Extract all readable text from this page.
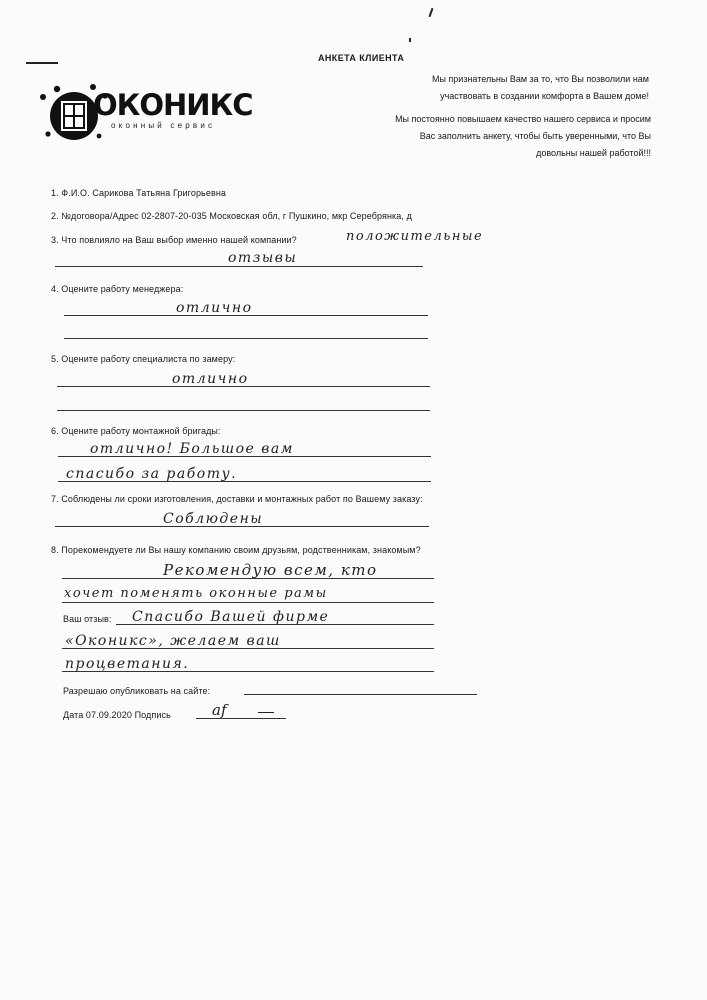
АНКЕТА КЛИЕНТА
Мы признательны Вам за то, что Вы позволили нам
участвовать в создании комфорта в Вашем доме!
Мы постоянно повышаем качество нашего сервиса и просим
Вас заполнить анкету, чтобы быть уверенными, что Вы
довольны нашей работой!!!
ОКОНИКС
оконный сервис
1. Ф.И.О. Сарикова Татьяна Григорьевна
2. №договора/Адрес 02-2807-20-035 Московская обл, г Пушкино, мкр Серебрянка, д
3. Что повлияло на Ваш выбор именно нашей компании?	положительные
отзывы
4. Оцените работу менеджера:
отлично
5. Оцените работу специалиста по замеру:
отлично
6. Оцените работу монтажной бригады:
отлично! Большое вам
спасибо за работу.
7. Соблюдены ли сроки изготовления, доставки и монтажных работ по Вашему заказу:
Соблюдены
8. Порекомендуете ли Вы нашу компанию своим друзьям, родственникам, знакомым?
Рекомендую всем, кто
хочет поменять оконные рамы
Ваш отзыв: Спасибо Вашей фирме
«Оконикс», желаем ваш
процветания.
Разрешаю опубликовать на сайте:
Дата 07.09.2020 Подпись	af
